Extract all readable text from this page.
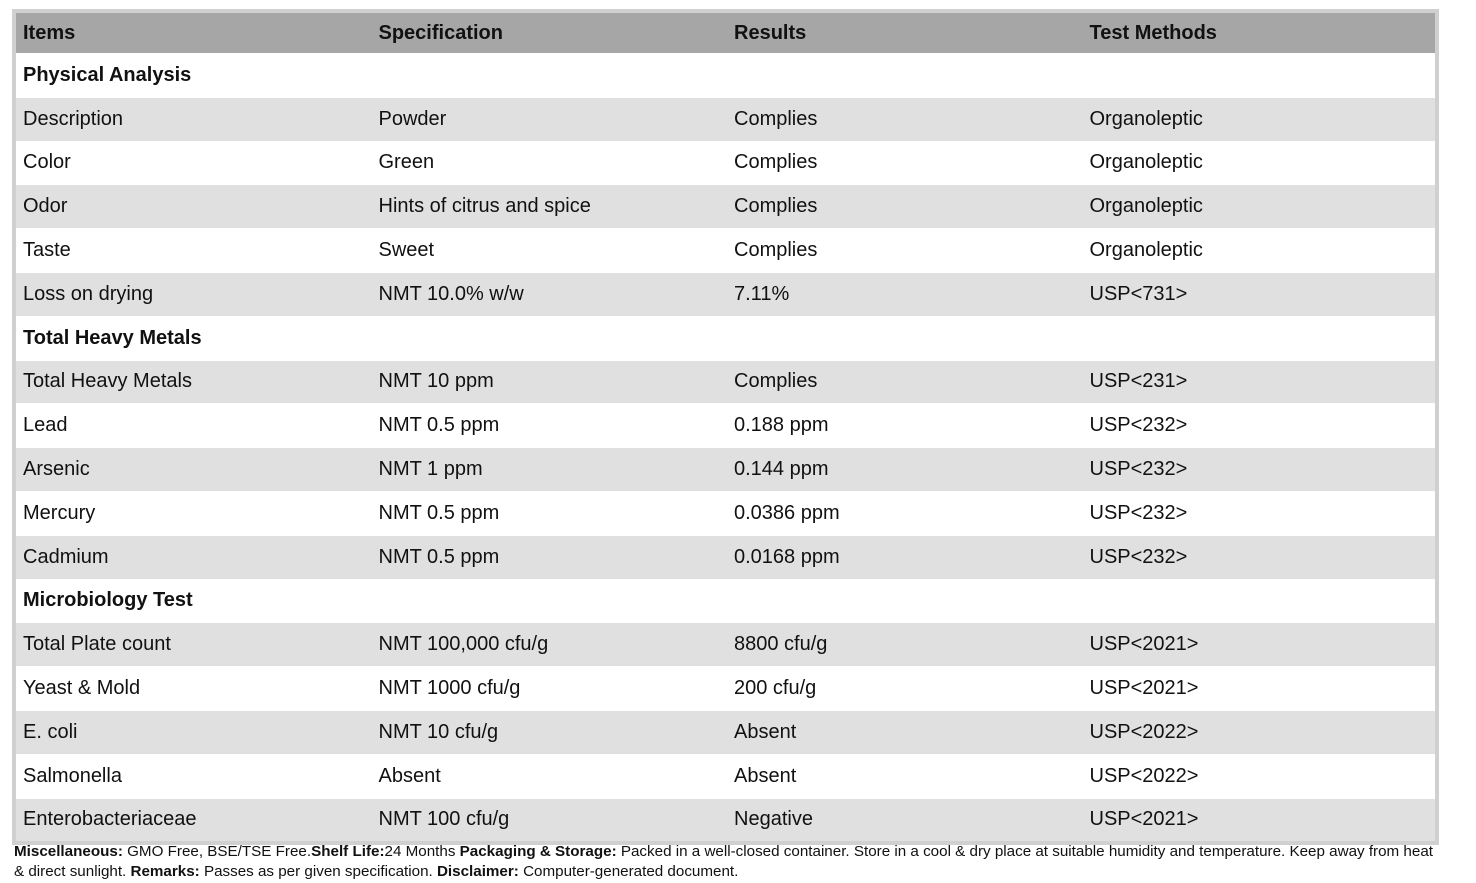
Items	Specification	Results	Test Methods
Physical Analysis
Description	Powder	Complies	Organoleptic
Color	Green	Complies	Organoleptic
Odor	Hints of citrus and spice	Complies	Organoleptic
Taste	Sweet	Complies	Organoleptic
Loss on drying	NMT 10.0% w/w	7.11%	USP<731>
Total Heavy Metals
Total Heavy Metals	NMT 10 ppm	Complies	USP<231>
Lead	NMT 0.5 ppm	0.188 ppm	USP<232>
Arsenic	NMT 1 ppm	0.144 ppm	USP<232>
Mercury	NMT 0.5 ppm	0.0386 ppm	USP<232>
Cadmium	NMT 0.5 ppm	0.0168 ppm	USP<232>
Microbiology Test
Total Plate count	NMT 100,000 cfu/g	8800 cfu/g	USP<2021>
Yeast & Mold	NMT 1000 cfu/g	200 cfu/g	USP<2021>
E. coli	NMT 10 cfu/g	Absent	USP<2022>
Salmonella	Absent	Absent	USP<2022>
Enterobacteriaceae	NMT 100 cfu/g	Negative	USP<2021>
Miscellaneous: GMO Free, BSE/TSE Free.Shelf Life:24 Months Packaging & Storage: Packed in a well-closed container. Store in a cool & dry place at suitable humidity and temperature. Keep away from heat & direct sunlight. Remarks: Passes as per given specification. Disclaimer: Computer-generated document.
